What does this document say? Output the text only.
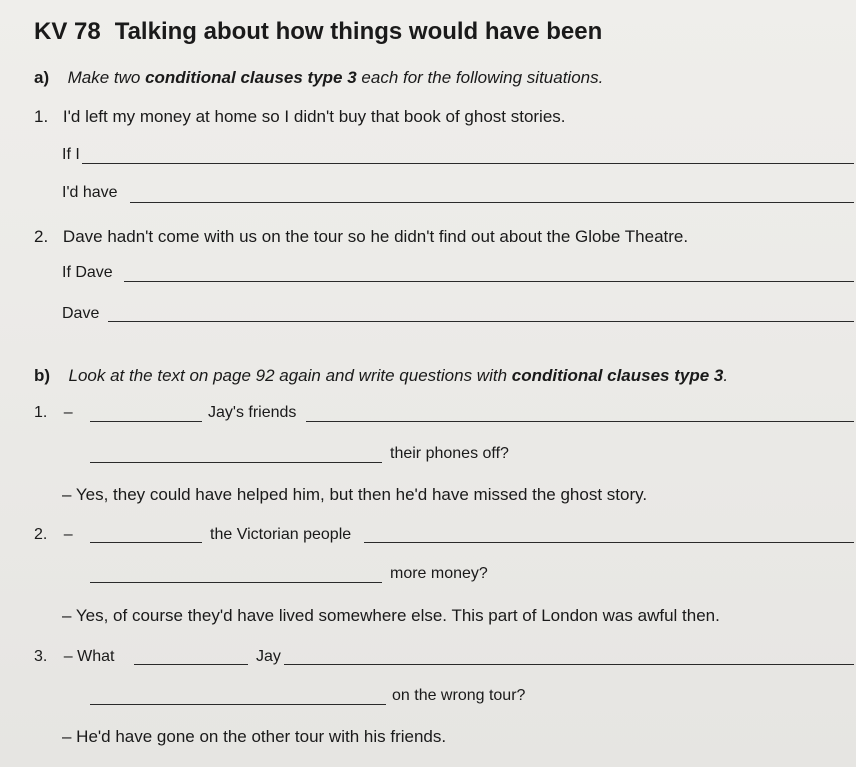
KV 78 Talking about how things would have been
a) Make two conditional clauses type 3 each for the following situations.
1. I'd left my money at home so I didn't buy that book of ghost stories.
If I
I'd have
2. Dave hadn't come with us on the tour so he didn't find out about the Globe Theatre.
If Dave
Dave
b) Look at the text on page 92 again and write questions with conditional clauses type 3.
1. –	Jay's friends
their phones off?
– Yes, they could have helped him, but then he'd have missed the ghost story.
2. –	the Victorian people
more money?
– Yes, of course they'd have lived somewhere else. This part of London was awful then.
3. – What	Jay
on the wrong tour?
– He'd have gone on the other tour with his friends.
